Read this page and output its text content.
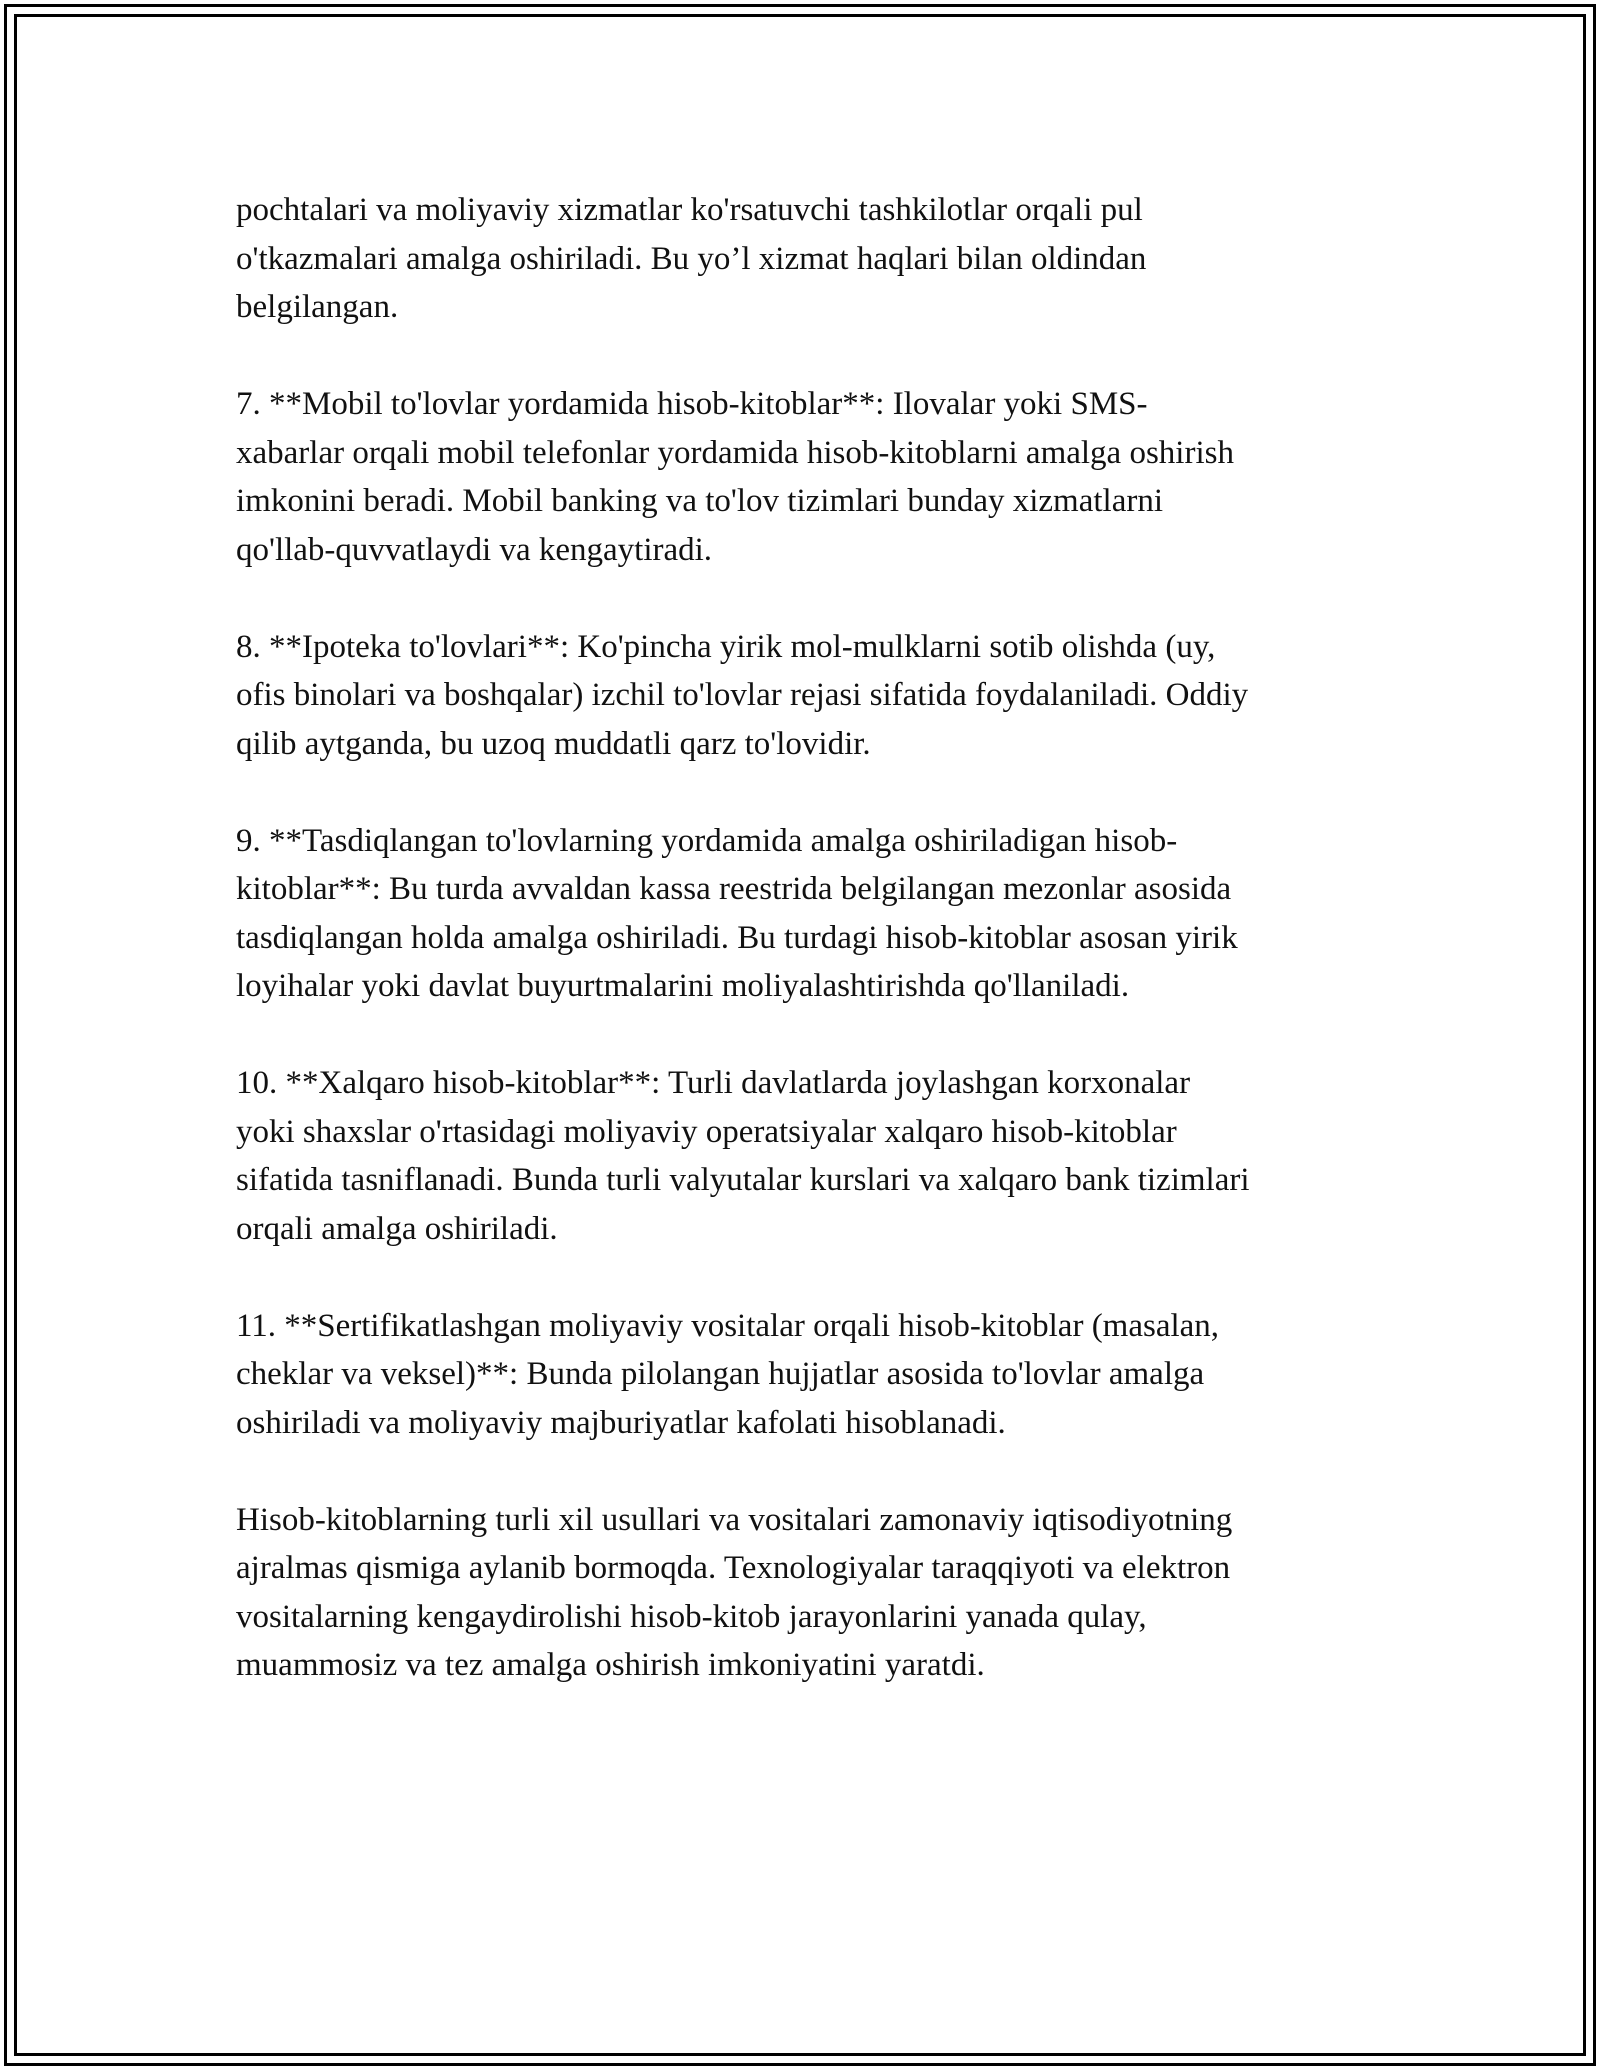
pochtalari va moliyaviy xizmatlar ko'rsatuvchi tashkilotlar orqali pul
o'tkazmalari amalga oshiriladi. Bu yo’l xizmat haqlari bilan oldindan
belgilangan.

7. **Mobil to'lovlar yordamida hisob-kitoblar**: Ilovalar yoki SMS-
xabarlar orqali mobil telefonlar yordamida hisob-kitoblarni amalga oshirish
imkonini beradi. Mobil banking va to'lov tizimlari bunday xizmatlarni
qo'llab-quvvatlaydi va kengaytiradi.

8. **Ipoteka to'lovlari**: Ko'pincha yirik mol-mulklarni sotib olishda (uy,
ofis binolari va boshqalar) izchil to'lovlar rejasi sifatida foydalaniladi. Oddiy
qilib aytganda, bu uzoq muddatli qarz to'lovidir.

9. **Tasdiqlangan to'lovlarning yordamida amalga oshiriladigan hisob-
kitoblar**: Bu turda avvaldan kassa reestrida belgilangan mezonlar asosida
tasdiqlangan holda amalga oshiriladi. Bu turdagi hisob-kitoblar asosan yirik
loyihalar yoki davlat buyurtmalarini moliyalashtirishda qo'llaniladi.

10. **Xalqaro hisob-kitoblar**: Turli davlatlarda joylashgan korxonalar
yoki shaxslar o'rtasidagi moliyaviy operatsiyalar xalqaro hisob-kitoblar
sifatida tasniflanadi. Bunda turli valyutalar kurslari va xalqaro bank tizimlari
orqali amalga oshiriladi.

11. **Sertifikatlashgan moliyaviy vositalar orqali hisob-kitoblar (masalan,
cheklar va veksel)**: Bunda pilolangan hujjatlar asosida to'lovlar amalga
oshiriladi va moliyaviy majburiyatlar kafolati hisoblanadi.

Hisob-kitoblarning turli xil usullari va vositalari zamonaviy iqtisodiyotning
ajralmas qismiga aylanib bormoqda. Texnologiyalar taraqqiyoti va elektron
vositalarning kengaydirolishi hisob-kitob jarayonlarini yanada qulay,
muammosiz va tez amalga oshirish imkoniyatini yaratdi.
